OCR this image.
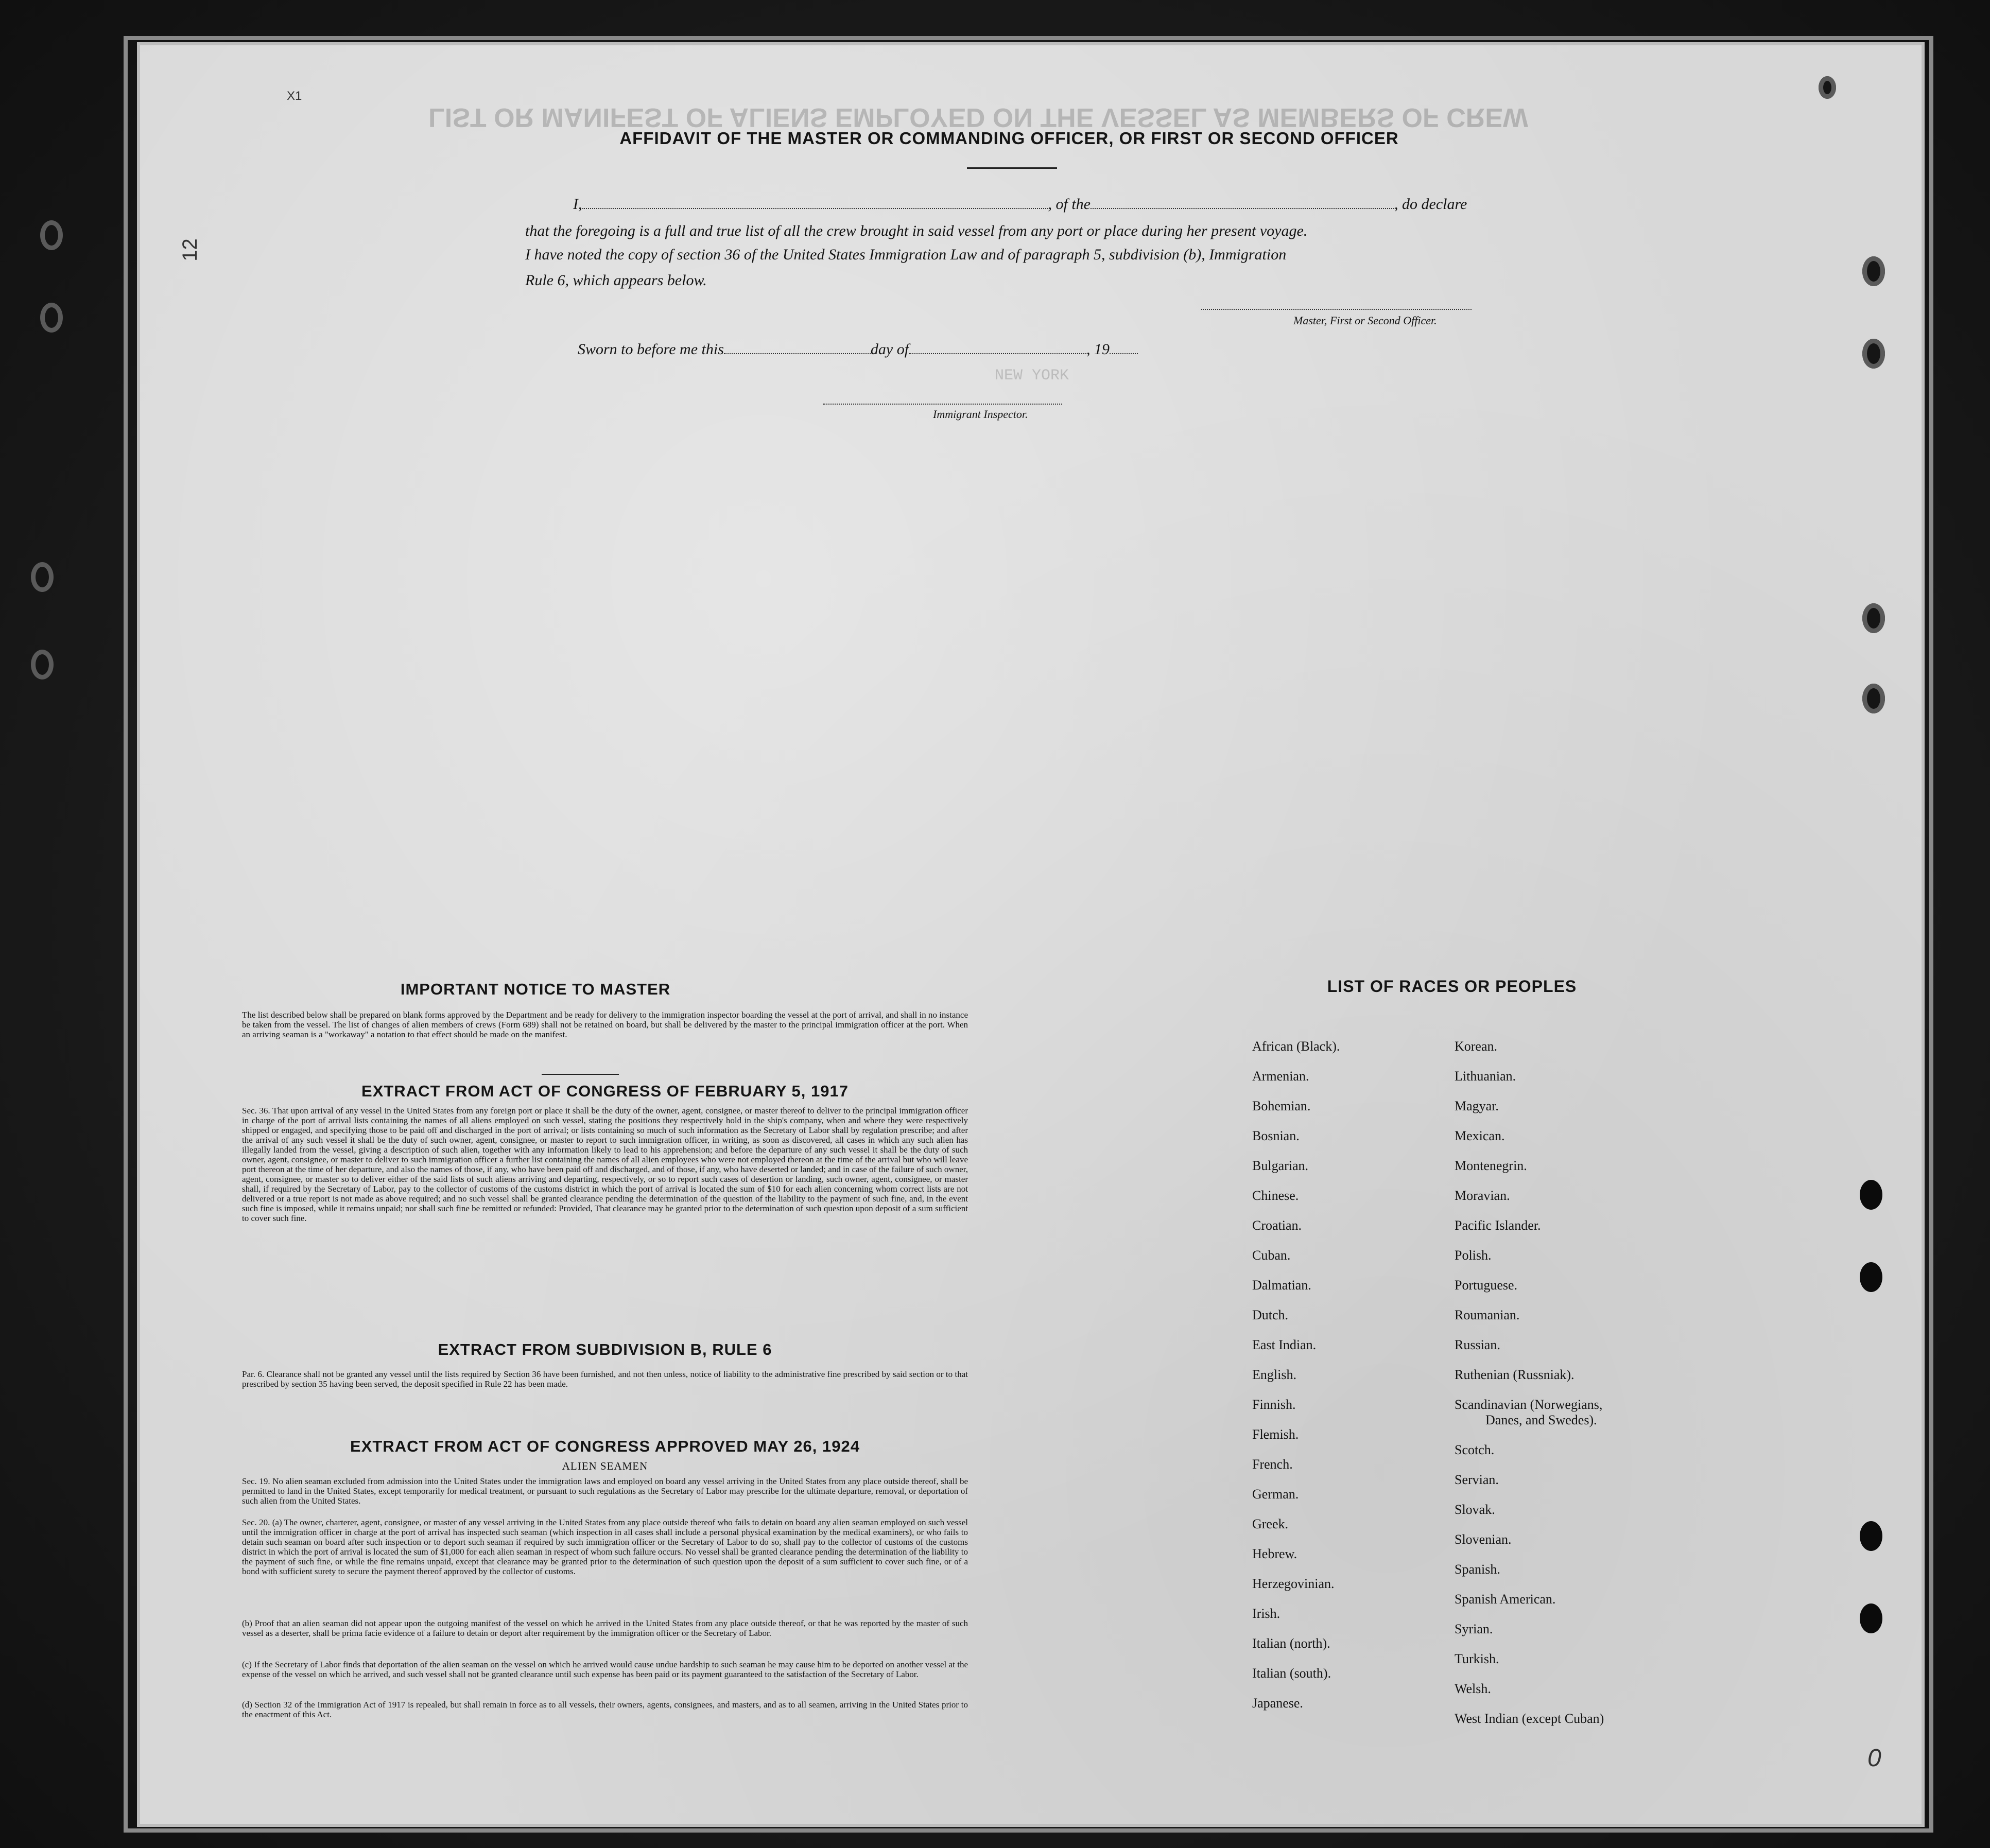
LIST OR MANIFEST OF ALIENS EMPLOYED ON THE VESSEL AS MEMBERS OF CREW
NEW YORK
X1
12
0
AFFIDAVIT OF THE MASTER OR COMMANDING OFFICER, OR FIRST OR SECOND OFFICER
I,	, of the	, do declare
that the foregoing is a full and true list of all the crew brought in said vessel from any port or place during her present voyage.
I have noted the copy of section 36 of the United States Immigration Law and of paragraph 5, subdivision (b), Immigration
Rule 6, which appears below.
Master, First or Second Officer.
Sworn to before me this	day of	, 19
Immigrant Inspector.
IMPORTANT NOTICE TO MASTER
The list described below shall be prepared on blank forms approved by the Department and be ready for delivery to the immigration inspector boarding the vessel at the port of arrival, and shall in no instance be taken from the vessel. The list of changes of alien members of crews (Form 689) shall not be retained on board, but shall be delivered by the master to the principal immigration officer at the port. When an arriving seaman is a "workaway" a notation to that effect should be made on the manifest.
EXTRACT FROM ACT OF CONGRESS OF FEBRUARY 5, 1917
Sec. 36. That upon arrival of any vessel in the United States from any foreign port or place it shall be the duty of the owner, agent, consignee, or master thereof to deliver to the principal immigration officer in charge of the port of arrival lists containing the names of all aliens employed on such vessel, stating the positions they respectively hold in the ship's company, when and where they were respectively shipped or engaged, and specifying those to be paid off and discharged in the port of arrival; or lists containing so much of such information as the Secretary of Labor shall by regulation prescribe; and after the arrival of any such vessel it shall be the duty of such owner, agent, consignee, or master to report to such immigration officer, in writing, as soon as discovered, all cases in which any such alien has illegally landed from the vessel, giving a description of such alien, together with any information likely to lead to his apprehension; and before the departure of any such vessel it shall be the duty of such owner, agent, consignee, or master to deliver to such immigration officer a further list containing the names of all alien employees who were not employed thereon at the time of the arrival but who will leave port thereon at the time of her departure, and also the names of those, if any, who have been paid off and discharged, and of those, if any, who have deserted or landed; and in case of the failure of such owner, agent, consignee, or master so to deliver either of the said lists of such aliens arriving and departing, respectively, or so to report such cases of desertion or landing, such owner, agent, consignee, or master shall, if required by the Secretary of Labor, pay to the collector of customs of the customs district in which the port of arrival is located the sum of $10 for each alien concerning whom correct lists are not delivered or a true report is not made as above required; and no such vessel shall be granted clearance pending the determination of the question of the liability to the payment of such fine, and, in the event such fine is imposed, while it remains unpaid; nor shall such fine be remitted or refunded: Provided, That clearance may be granted prior to the determination of such question upon deposit of a sum sufficient to cover such fine.
EXTRACT FROM SUBDIVISION B, RULE 6
Par. 6. Clearance shall not be granted any vessel until the lists required by Section 36 have been furnished, and not then unless, notice of liability to the administrative fine prescribed by said section or to that prescribed by section 35 having been served, the deposit specified in Rule 22 has been made.
EXTRACT FROM ACT OF CONGRESS APPROVED MAY 26, 1924
ALIEN SEAMEN
Sec. 19. No alien seaman excluded from admission into the United States under the immigration laws and employed on board any vessel arriving in the United States from any place outside thereof, shall be permitted to land in the United States, except temporarily for medical treatment, or pursuant to such regulations as the Secretary of Labor may prescribe for the ultimate departure, removal, or deportation of such alien from the United States.
Sec. 20. (a) The owner, charterer, agent, consignee, or master of any vessel arriving in the United States from any place outside thereof who fails to detain on board any alien seaman employed on such vessel until the immigration officer in charge at the port of arrival has inspected such seaman (which inspection in all cases shall include a personal physical examination by the medical examiners), or who fails to detain such seaman on board after such inspection or to deport such seaman if required by such immigration officer or the Secretary of Labor to do so, shall pay to the collector of customs of the customs district in which the port of arrival is located the sum of $1,000 for each alien seaman in respect of whom such failure occurs. No vessel shall be granted clearance pending the determination of the liability to the payment of such fine, or while the fine remains unpaid, except that clearance may be granted prior to the determination of such question upon the deposit of a sum sufficient to cover such fine, or of a bond with sufficient surety to secure the payment thereof approved by the collector of customs.
(b) Proof that an alien seaman did not appear upon the outgoing manifest of the vessel on which he arrived in the United States from any place outside thereof, or that he was reported by the master of such vessel as a deserter, shall be prima facie evidence of a failure to detain or deport after requirement by the immigration officer or the Secretary of Labor.
(c) If the Secretary of Labor finds that deportation of the alien seaman on the vessel on which he arrived would cause undue hardship to such seaman he may cause him to be deported on another vessel at the expense of the vessel on which he arrived, and such vessel shall not be granted clearance until such expense has been paid or its payment guaranteed to the satisfaction of the Secretary of Labor.
(d) Section 32 of the Immigration Act of 1917 is repealed, but shall remain in force as to all vessels, their owners, agents, consignees, and masters, and as to all seamen, arriving in the United States prior to the enactment of this Act.
LIST OF RACES OR PEOPLES
African (Black).
Armenian.
Bohemian.
Bosnian.
Bulgarian.
Chinese.
Croatian.
Cuban.
Dalmatian.
Dutch.
East Indian.
English.
Finnish.
Flemish.
French.
German.
Greek.
Hebrew.
Herzegovinian.
Irish.
Italian (north).
Italian (south).
Japanese.
Korean.
Lithuanian.
Magyar.
Mexican.
Montenegrin.
Moravian.
Pacific Islander.
Polish.
Portuguese.
Roumanian.
Russian.
Ruthenian (Russniak).
Scandinavian (Norwegians,
Danes, and Swedes).
Scotch.
Servian.
Slovak.
Slovenian.
Spanish.
Spanish American.
Syrian.
Turkish.
Welsh.
West Indian (except Cuban)
